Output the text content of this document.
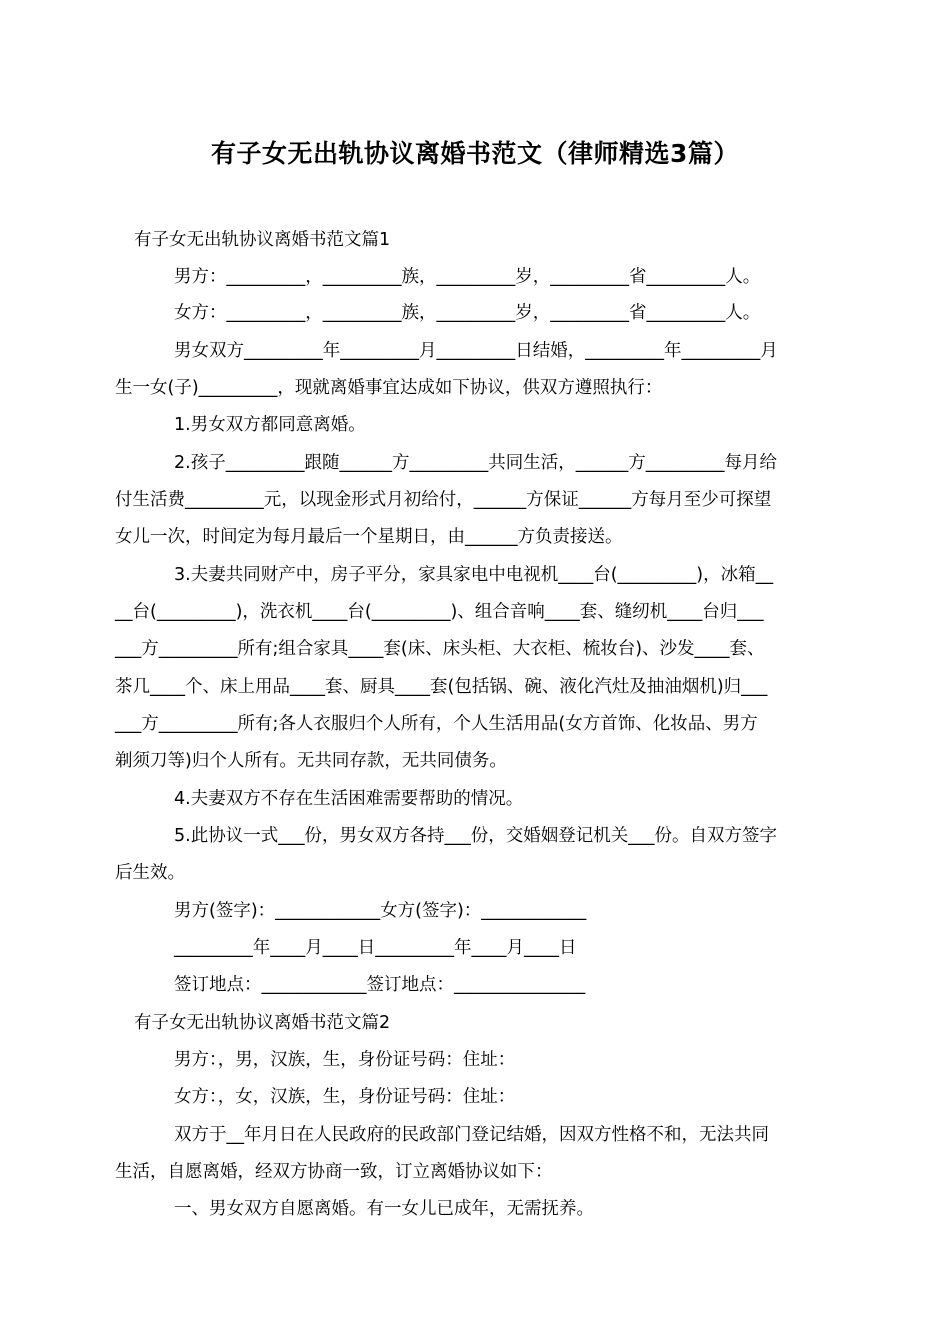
有子女无出轨协议离婚书范文（律师精选3篇）
有子女无出轨协议离婚书范文篇1
男方：_________，_________族，_________岁，_________省_________人。
女方：_________，_________族，_________岁，_________省_________人。
男女双方_________年_________月_________日结婚，_________年_________月
生一女(子)_________，现就离婚事宜达成如下协议，供双方遵照执行：
1.男女双方都同意离婚。
2.孩子_________跟随______方_________共同生活，______方_________每月给
付生活费_________元，以现金形式月初给付，______方保证______方每月至少可探望
女儿一次，时间定为每月最后一个星期日，由______方负责接送。
3.夫妻共同财产中，房子平分，家具家电中电视机____台(_________)，冰箱__
__台(_________)，洗衣机____台(_________)、组合音响____套、缝纫机____台归___
___方_________所有;组合家具____套(床、床头柜、大衣柜、梳妆台)、沙发____套、
茶几____个、床上用品____套、厨具____套(包括锅、碗、液化汽灶及抽油烟机)归___
___方_________所有;各人衣服归个人所有，个人生活用品(女方首饰、化妆品、男方
剃须刀等)归个人所有。无共同存款，无共同债务。
4.夫妻双方不存在生活困难需要帮助的情况。
5.此协议一式___份，男女双方各持___份，交婚姻登记机关___份。自双方签字
后生效。
男方(签字)：____________女方(签字)：____________
_________年____月____日_________年____月____日
签订地点：____________签订地点：_______________
有子女无出轨协议离婚书范文篇2
男方：，男，汉族，生，身份证号码：住址：
女方：，女，汉族，生，身份证号码：住址：
双方于__年月日在人民政府的民政部门登记结婚，因双方性格不和，无法共同
生活，自愿离婚，经双方协商一致，订立离婚协议如下：
一、男女双方自愿离婚。有一女儿已成年，无需抚养。
